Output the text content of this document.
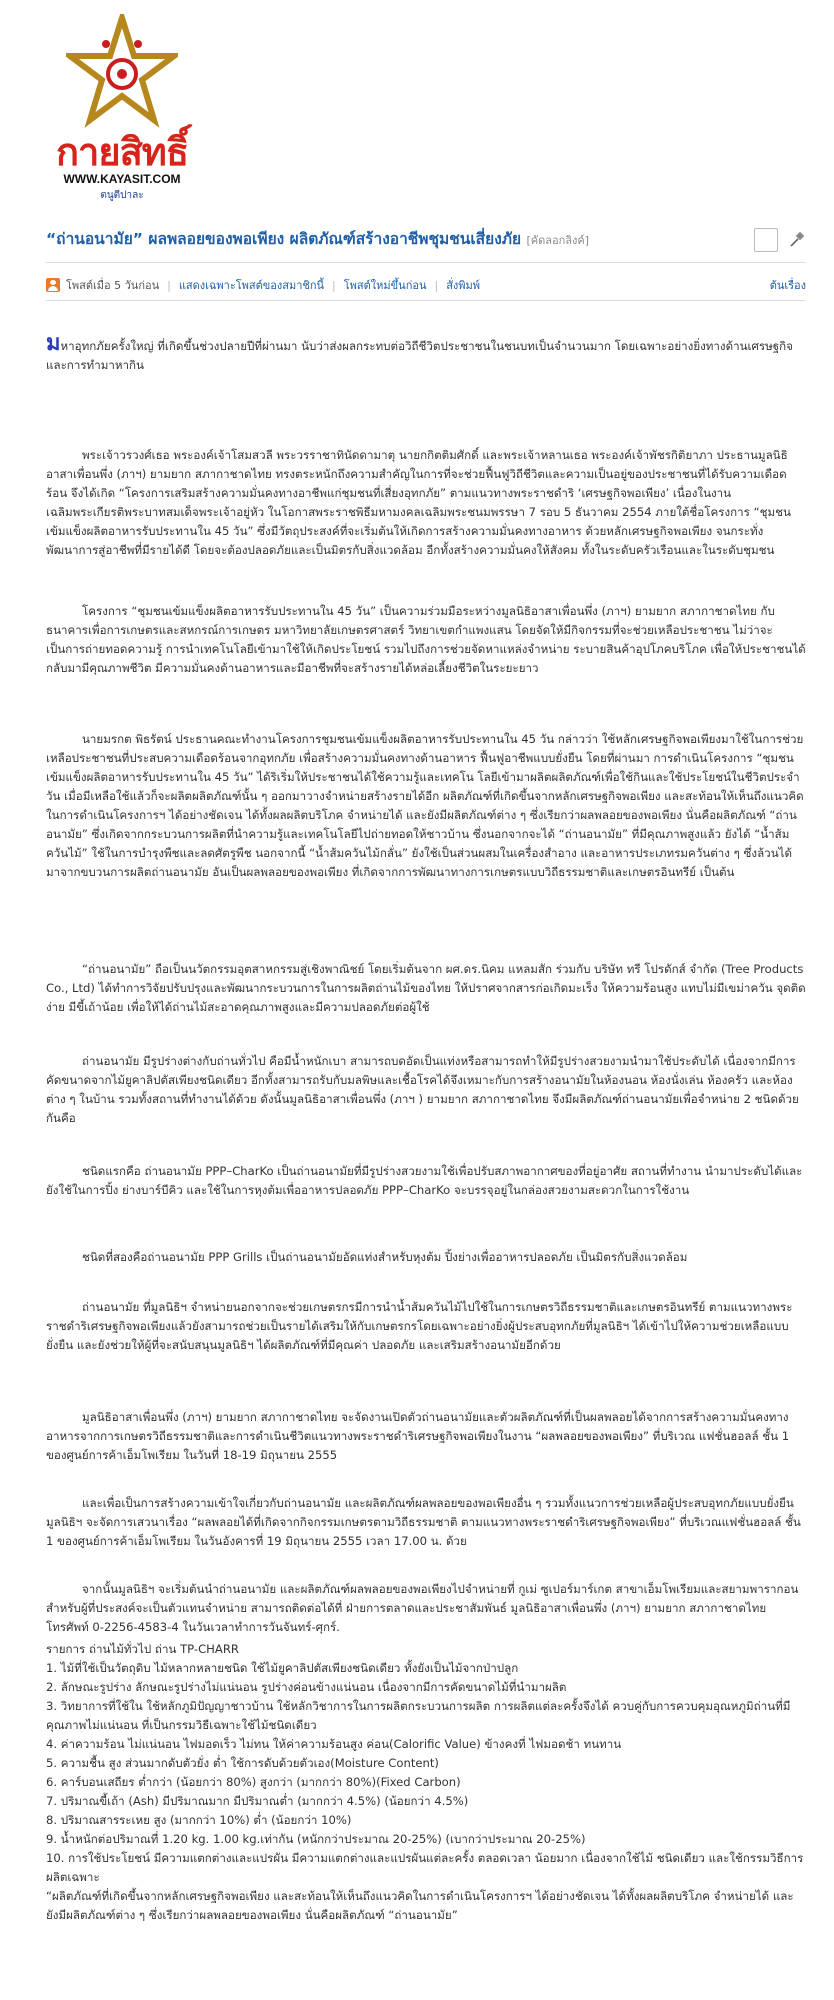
กายสิทธิ์
WWW.KAYASIT.COM
ตนูตีปาละ
“ถ่านอนามัย” ผลพลอยของพอเพียง ผลิตภัณฑ์สร้างอาชีพชุมชนเสี่ยงภัย [คัดลอกลิงค์]
โพสต์เมื่อ 5 วันก่อน | แสดงเฉพาะโพสต์ของสมาชิกนี้ | โพสต์ใหม่ขึ้นก่อน | สั่งพิมพ์	ต้นเรื่อง

มหาอุทกภัยครั้งใหญ่ ที่เกิดขึ้นช่วงปลายปีที่ผ่านมา นับว่าส่งผลกระทบต่อวิถีชีวิตประชาชนในชนบทเป็นจำนวนมาก โดยเฉพาะอย่างยิ่งทางด้านเศรษฐกิจและการทำมาหากิน

พระเจ้าวรวงศ์เธอ พระองค์เจ้าโสมสวลี พระวรราชาทินัดดามาตุ นายกกิตติมศักดิ์ และพระเจ้าหลานเธอ พระองค์เจ้าพัชรกิติยาภา ประธานมูลนิธิอาสาเพื่อนพึ่ง (ภาฯ) ยามยาก สภากาชาดไทย ทรงตระหนักถึงความสำคัญในการที่จะช่วยฟื้นฟูวิถีชีวิตและความเป็นอยู่ของประชาชนที่ได้รับความเดือดร้อน จึงได้เกิด “โครงการเสริมสร้างความมั่นคงทางอาชีพแก่ชุมชนที่เสี่ยงอุทกภัย” ตามแนวทางพระราชดำริ ‘เศรษฐกิจพอเพียง’ เนื่องในงานเฉลิมพระเกียรติพระบาทสมเด็จพระเจ้าอยู่หัว ในโอกาสพระราชพิธีมหามงคลเฉลิมพระชนมพรรษา 7 รอบ 5 ธันวาคม 2554 ภายใต้ชื่อโครงการ “ชุมชนเข้มแข็งผลิตอาหารรับประทานใน 45 วัน” ซึ่งมีวัตถุประสงค์ที่จะเริ่มต้นให้เกิดการสร้างความมั่นคงทางอาหาร ด้วยหลักเศรษฐกิจพอเพียง จนกระทั่งพัฒนาการสู่อาชีพที่มีรายได้ดี โดยจะต้องปลอดภัยและเป็นมิตรกับสิ่งแวดล้อม อีกทั้งสร้างความมั่นคงให้สังคม ทั้งในระดับครัวเรือนและในระดับชุมชน

โครงการ “ชุมชนเข้มแข็งผลิตอาหารรับประทานใน 45 วัน” เป็นความร่วมมือระหว่างมูลนิธิอาสาเพื่อนพึ่ง (ภาฯ) ยามยาก สภากาชาดไทย กับธนาคารเพื่อการเกษตรและสหกรณ์การเกษตร มหาวิทยาลัยเกษตรศาสตร์ วิทยาเขตกำแพงแสน โดยจัดให้มีกิจกรรมที่จะช่วยเหลือประชาชน ไม่ว่าจะเป็นการถ่ายทอดความรู้ การนำเทคโนโลยีเข้ามาใช้ให้เกิดประโยชน์ รวมไปถึงการช่วยจัดหาแหล่งจำหน่าย ระบายสินค้าอุปโภคบริโภค เพื่อให้ประชาชนได้กลับมามีคุณภาพชีวิต มีความมั่นคงด้านอาหารและมีอาชีพที่จะสร้างรายได้หล่อเลี้ยงชีวิตในระยะยาว

นายมรกต พิธรัตน์ ประธานคณะทำงานโครงการชุมชนเข้มแข็งผลิตอาหารรับประทานใน 45 วัน กล่าวว่า ใช้หลักเศรษฐกิจพอเพียงมาใช้ในการช่วยเหลือประชาชนที่ประสบความเดือดร้อนจากอุทกภัย เพื่อสร้างความมั่นคงทางด้านอาหาร ฟื้นฟูอาชีพแบบยั่งยืน โดยที่ผ่านมา การดำเนินโครงการ “ชุมชนเข้มแข็งผลิตอาหารรับประทานใน 45 วัน” ได้ริเริ่มให้ประชาชนได้ใช้ความรู้และเทคโน โลยีเข้ามาผลิตผลิตภัณฑ์เพื่อใช้กินและใช้ประโยชน์ในชีวิตประจำวัน เมื่อมีเหลือใช้แล้วก็จะผลิตผลิตภัณฑ์นั้น ๆ ออกมาวางจำหน่ายสร้างรายได้อีก ผลิตภัณฑ์ที่เกิดขึ้นจากหลักเศรษฐกิจพอเพียง และสะท้อนให้เห็นถึงแนวคิดในการดำเนินโครงการฯ ได้อย่างชัดเจน ได้ทั้งผลผลิตบริโภค จำหน่ายได้ และยังมีผลิตภัณฑ์ต่าง ๆ ซึ่งเรียกว่าผลพลอยของพอเพียง นั่นคือผลิตภัณฑ์ “ถ่านอนามัย” ซึ่งเกิดจากกระบวนการผลิตที่นำความรู้และเทคโนโลยีไปถ่ายทอดให้ชาวบ้าน ซึ่งนอกจากจะได้ “ถ่านอนามัย” ที่มีคุณภาพสูงแล้ว ยังได้ “น้ำส้มควันไม้” ใช้ในการบำรุงพืชและลดศัตรูพืช นอกจากนี้ “น้ำส้มควันไม้กลั่น” ยังใช้เป็นส่วนผสมในเครื่องสำอาง และอาหารประเภทรมควันต่าง ๆ ซึ่งล้วนได้มาจากขบวนการผลิตถ่านอนามัย อันเป็นผลพลอยของพอเพียง ที่เกิดจากการพัฒนาทางการเกษตรแบบวิถีธรรมชาติและเกษตรอินทรีย์ เป็นต้น

“ถ่านอนามัย” ถือเป็นนวัตกรรมอุตสาหกรรมสู่เชิงพาณิชย์ โดยเริ่มต้นจาก ผศ.ดร.นิคม แหลมสัก ร่วมกับ บริษัท ทรี โปรดักส์ จำกัด (Tree Products Co., Ltd) ได้ทำการวิจัยปรับปรุงและพัฒนากระบวนการในการผลิตถ่านไม้ของไทย ให้ปราศจากสารก่อเกิดมะเร็ง ให้ความร้อนสูง แทบไม่มีเขม่าควัน จุดติดง่าย มีขี้เถ้าน้อย เพื่อให้ได้ถ่านไม้สะอาดคุณภาพสูงและมีความปลอดภัยต่อผู้ใช้

ถ่านอนามัย มีรูปร่างต่างกับถ่านทั่วไป คือมีน้ำหนักเบา สามารถบดอัดเป็นแท่งหรือสามารถทำให้มีรูปร่างสวยงามนำมาใช้ประดับได้ เนื่องจากมีการคัดขนาดจากไม้ยูคาลิปตัสเพียงชนิดเดียว อีกทั้งสามารถรับกับมลพิษและเชื้อโรคได้จึงเหมาะกับการสร้างอนามัยในห้องนอน ห้องนั่งเล่น ห้องครัว และห้องต่าง ๆ ในบ้าน รวมทั้งสถานที่ทำงานได้ด้วย ดังนั้นมูลนิธิอาสาเพื่อนพึ่ง (ภาฯ ) ยามยาก สภากาชาดไทย จึงมีผลิตภัณฑ์ถ่านอนามัยเพื่อจำหน่าย 2 ชนิดด้วยกันคือ

ชนิดแรกคือ ถ่านอนามัย PPP–CharKo เป็นถ่านอนามัยที่มีรูปร่างสวยงามใช้เพื่อปรับสภาพอากาศของที่อยู่อาศัย สถานที่ทำงาน นำมาประดับได้และยังใช้ในการปิ้ง ย่างบาร์บีคิว และใช้ในการหุงต้มเพื่ออาหารปลอดภัย PPP–CharKo จะบรรจุอยู่ในกล่องสวยงามสะดวกในการใช้งาน

ชนิดที่สองคือถ่านอนามัย PPP Grills เป็นถ่านอนามัยอัดแท่งสำหรับหุงต้ม ปิ้งย่างเพื่ออาหารปลอดภัย เป็นมิตรกับสิ่งแวดล้อม

ถ่านอนามัย ที่มูลนิธิฯ จำหน่ายนอกจากจะช่วยเกษตรกรมีการนำน้ำส้มควันไม้ไปใช้ในการเกษตรวิถีธรรมชาติและเกษตรอินทรีย์ ตามแนวทางพระราชดำริเศรษฐกิจพอเพียงแล้วยังสามารถช่วยเป็นรายได้เสริมให้กับเกษตรกรโดยเฉพาะอย่างยิ่งผู้ประสบอุทกภัยที่มูลนิธิฯ ได้เข้าไปให้ความช่วยเหลือแบบยั่งยืน และยังช่วยให้ผู้ที่จะสนับสนุนมูลนิธิฯ ได้ผลิตภัณฑ์ที่มีคุณค่า ปลอดภัย และเสริมสร้างอนามัยอีกด้วย

มูลนิธิอาสาเพื่อนพึ่ง (ภาฯ) ยามยาก สภากาชาดไทย จะจัดงานเปิดตัวถ่านอนามัยและตัวผลิตภัณฑ์ที่เป็นผลพลอยได้จากการสร้างความมั่นคงทางอาหารจากการเกษตรวิถีธรรมชาติและการดำเนินชีวิตแนวทางพระราชดำริเศรษฐกิจพอเพียงในงาน “ผลพลอยของพอเพียง” ที่บริเวณ แฟชั่นฮอลล์ ชั้น 1 ของศูนย์การค้าเอ็มโพเรียม ในวันที่ 18-19 มิถุนายน 2555

และเพื่อเป็นการสร้างความเข้าใจเกี่ยวกับถ่านอนามัย และผลิตภัณฑ์ผลพลอยของพอเพียงอื่น ๆ รวมทั้งแนวการช่วยเหลือผู้ประสบอุทกภัยแบบยั่งยืน มูลนิธิฯ จะจัดการเสวนาเรื่อง “ผลพลอยได้ที่เกิดจากกิจกรรมเกษตรตามวิถีธรรมชาติ ตามแนวทางพระราชดำริเศรษฐกิจพอเพียง” ที่บริเวณแฟชั่นฮอลล์ ชั้น 1 ของศูนย์การค้าเอ็มโพเรียม ในวันอังคารที่ 19 มิถุนายน 2555 เวลา 17.00 น. ด้วย

จากนั้นมูลนิธิฯ จะเริ่มต้นนำถ่านอนามัย และผลิตภัณฑ์ผลพลอยของพอเพียงไปจำหน่ายที่ กูเม่ ซูเปอร์มาร์เกต สาขาเอ็มโพเรียมและสยามพารากอน สำหรับผู้ที่ประสงค์จะเป็นตัวแทนจำหน่าย สามารถติดต่อได้ที่ ฝ่ายการตลาดและประชาสัมพันธ์ มูลนิธิอาสาเพื่อนพึ่ง (ภาฯ) ยามยาก สภากาชาดไทย โทรศัพท์ 0-2256-4583-4 ในวันเวลาทำการวันจันทร์-ศุกร์.

รายการ ถ่านไม้ทั่วไป ถ่าน TP-CHARR

1. ไม้ที่ใช้เป็นวัตถุดิบ ไม้หลากหลายชนิด ใช้ไม้ยูคาลิปตัสเพียงชนิดเดียว ทั้งยังเป็นไม้จากป่าปลูก

2. ลักษณะรูปร่าง ลักษณะรูปร่างไม่แน่นอน รูปร่างค่อนข้างแน่นอน เนื่องจากมีการคัดขนาดไม้ที่นำมาผลิต

3. วิทยาการที่ใช้ใน ใช้หลักภูมิปัญญาชาวบ้าน ใช้หลักวิชาการในการผลิตกระบวนการผลิต การผลิตแต่ละครั้งจึงได้ ควบคู่กับการควบคุมอุณหภูมิถ่านที่มีคุณภาพไม่แน่นอน ที่เป็นกรรมวิธีเฉพาะใช้ไม้ชนิดเดียว

4. ค่าความร้อน ไม่แน่นอน ไฟมอดเร็ว ไม่ทน ให้ค่าความร้อนสูง ค่อน(Calorific Value) ข้างคงที่ ไฟมอดช้า ทนทาน

5. ความชื้น สูง ส่วนมากดับตัวยั่ง ต่ำ ใช้การดับด้วยตัวเอง(Moisture Content)

6. คาร์บอนเสถียร ต่ำกว่า (น้อยกว่า 80%) สูงกว่า (มากกว่า 80%)(Fixed Carbon)

7. ปริมาณขี้เถ้า (Ash) มีปริมาณมาก มีปริมาณต่ำ (มากกว่า 4.5%) (น้อยกว่า 4.5%)

8. ปริมาณสารระเหย สูง (มากกว่า 10%) ต่ำ (น้อยกว่า 10%)

9. น้ำหนักต่อปริมาณที่ 1.20 kg. 1.00 kg.เท่ากัน (หนักกว่าประมาณ 20-25%) (เบากว่าประมาณ 20-25%)

10. การใช้ประโยชน์ มีความแตกต่างและแปรผัน มีความแตกต่างและแปรผันแต่ละครั้ง ตลอดเวลา น้อยมาก เนื่องจากใช้ไม้ ชนิดเดียว และใช้กรรมวิธีการผลิตเฉพาะ

“ผลิตภัณฑ์ที่เกิดขึ้นจากหลักเศรษฐกิจพอเพียง และสะท้อนให้เห็นถึงแนวคิดในการดำเนินโครงการฯ ได้อย่างชัดเจน ได้ทั้งผลผลิตบริโภค จำหน่ายได้ และยังมีผลิตภัณฑ์ต่าง ๆ ซึ่งเรียกว่าผลพลอยของพอเพียง นั่นคือผลิตภัณฑ์ “ถ่านอนามัย”
